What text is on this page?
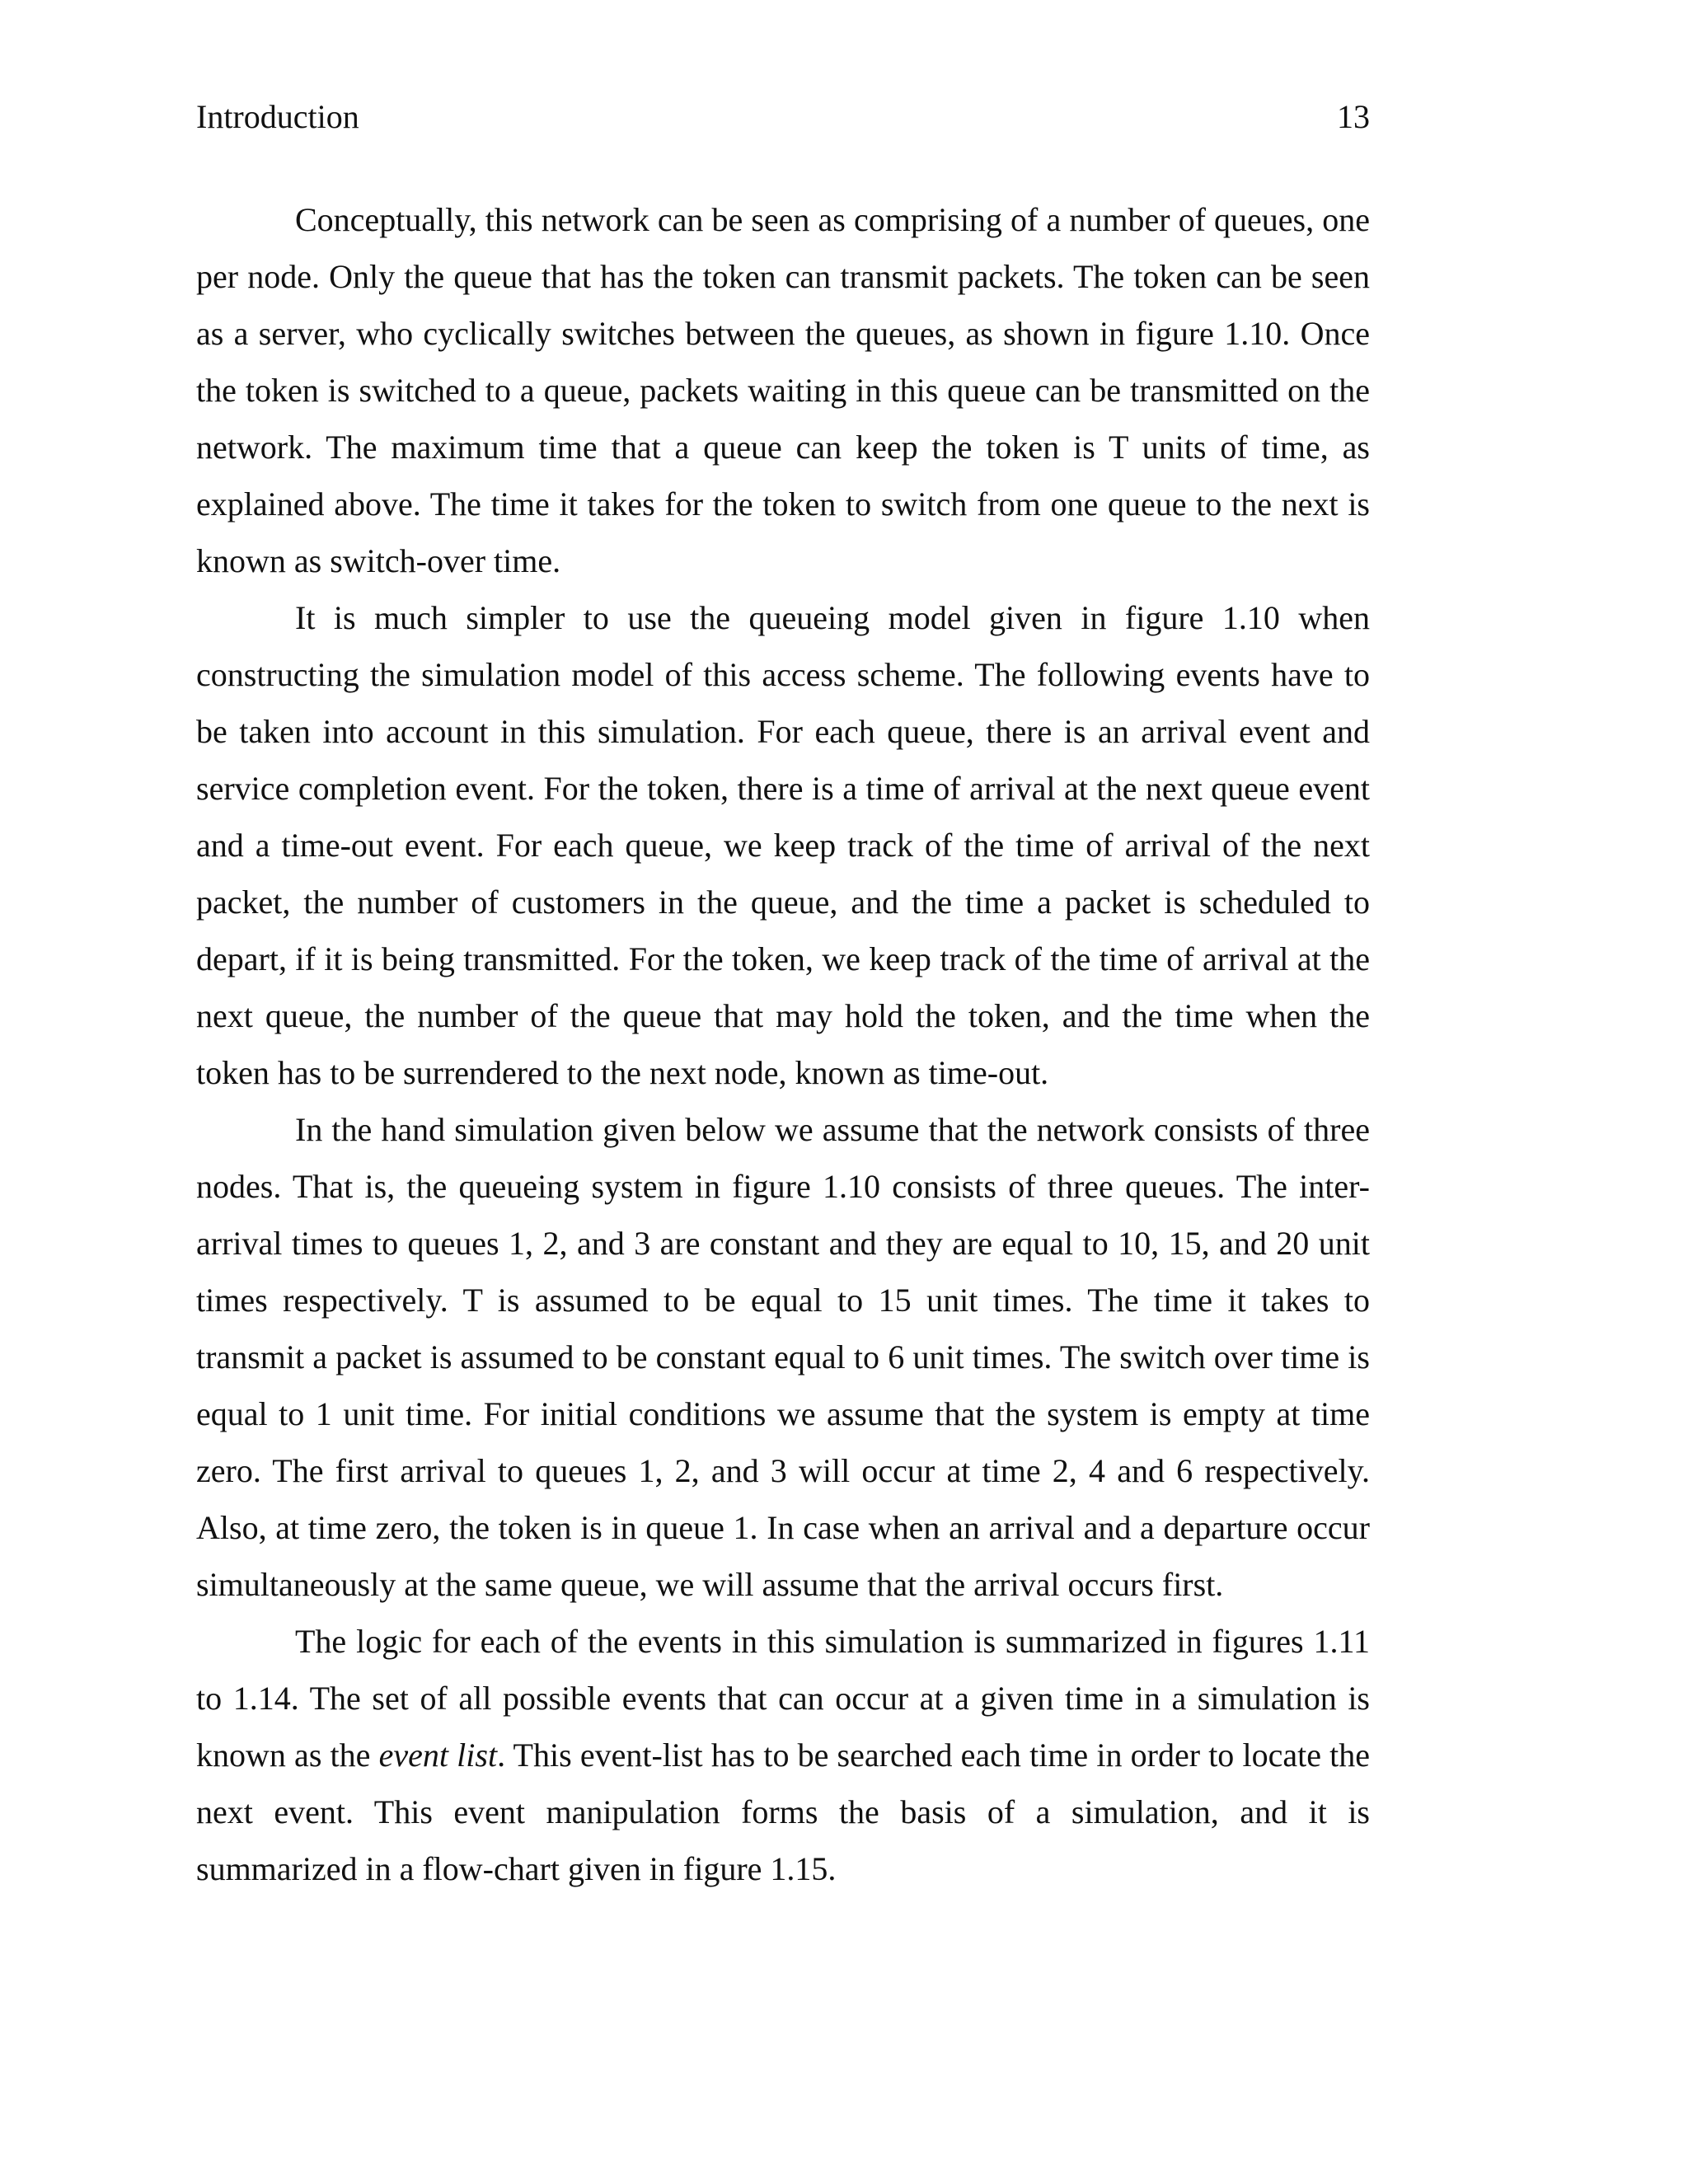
Introduction	13

Conceptually, this network can be seen as comprising of a number of queues, one per node. Only the queue that has the token can transmit packets. The token can be seen as a server, who cyclically switches between the queues, as shown in figure 1.10. Once the token is switched to a queue, packets waiting in this queue can be transmitted on the network. The maximum time that a queue can keep the token is T units of time, as explained above. The time it takes for the token to switch from one queue to the next is known as switch-over time.

It is much simpler to use the queueing model given in figure 1.10 when constructing the simulation model of this access scheme. The following events have to be taken into account in this simulation. For each queue, there is an arrival event and service completion event. For the token, there is a time of arrival at the next queue event and a time-out event. For each queue, we keep track of the time of arrival of the next packet, the number of customers in the queue, and the time a packet is scheduled to depart, if it is being transmitted. For the token, we keep track of the time of arrival at the next queue, the number of the queue that may hold the token, and the time when the token has to be surrendered to the next node, known as time-out.

In the hand simulation given below we assume that the network consists of three nodes. That is, the queueing system in figure 1.10 consists of three queues. The inter-arrival times to queues 1, 2, and 3 are constant and they are equal to 10, 15, and 20 unit times respectively. T is assumed to be equal to 15 unit times. The time it takes to transmit a packet is assumed to be constant equal to 6 unit times. The switch over time is equal to 1 unit time. For initial conditions we assume that the system is empty at time zero. The first arrival to queues 1, 2, and 3 will occur at time 2, 4 and 6 respectively. Also, at time zero, the token is in queue 1. In case when an arrival and a departure occur simultaneously at the same queue, we will assume that the arrival occurs first.

The logic for each of the events in this simulation is summarized in figures 1.11 to 1.14. The set of all possible events that can occur at a given time in a simulation is known as the event list. This event-list has to be searched each time in order to locate the next event. This event manipulation forms the basis of a simulation, and it is summarized in a flow-chart given in figure 1.15.
